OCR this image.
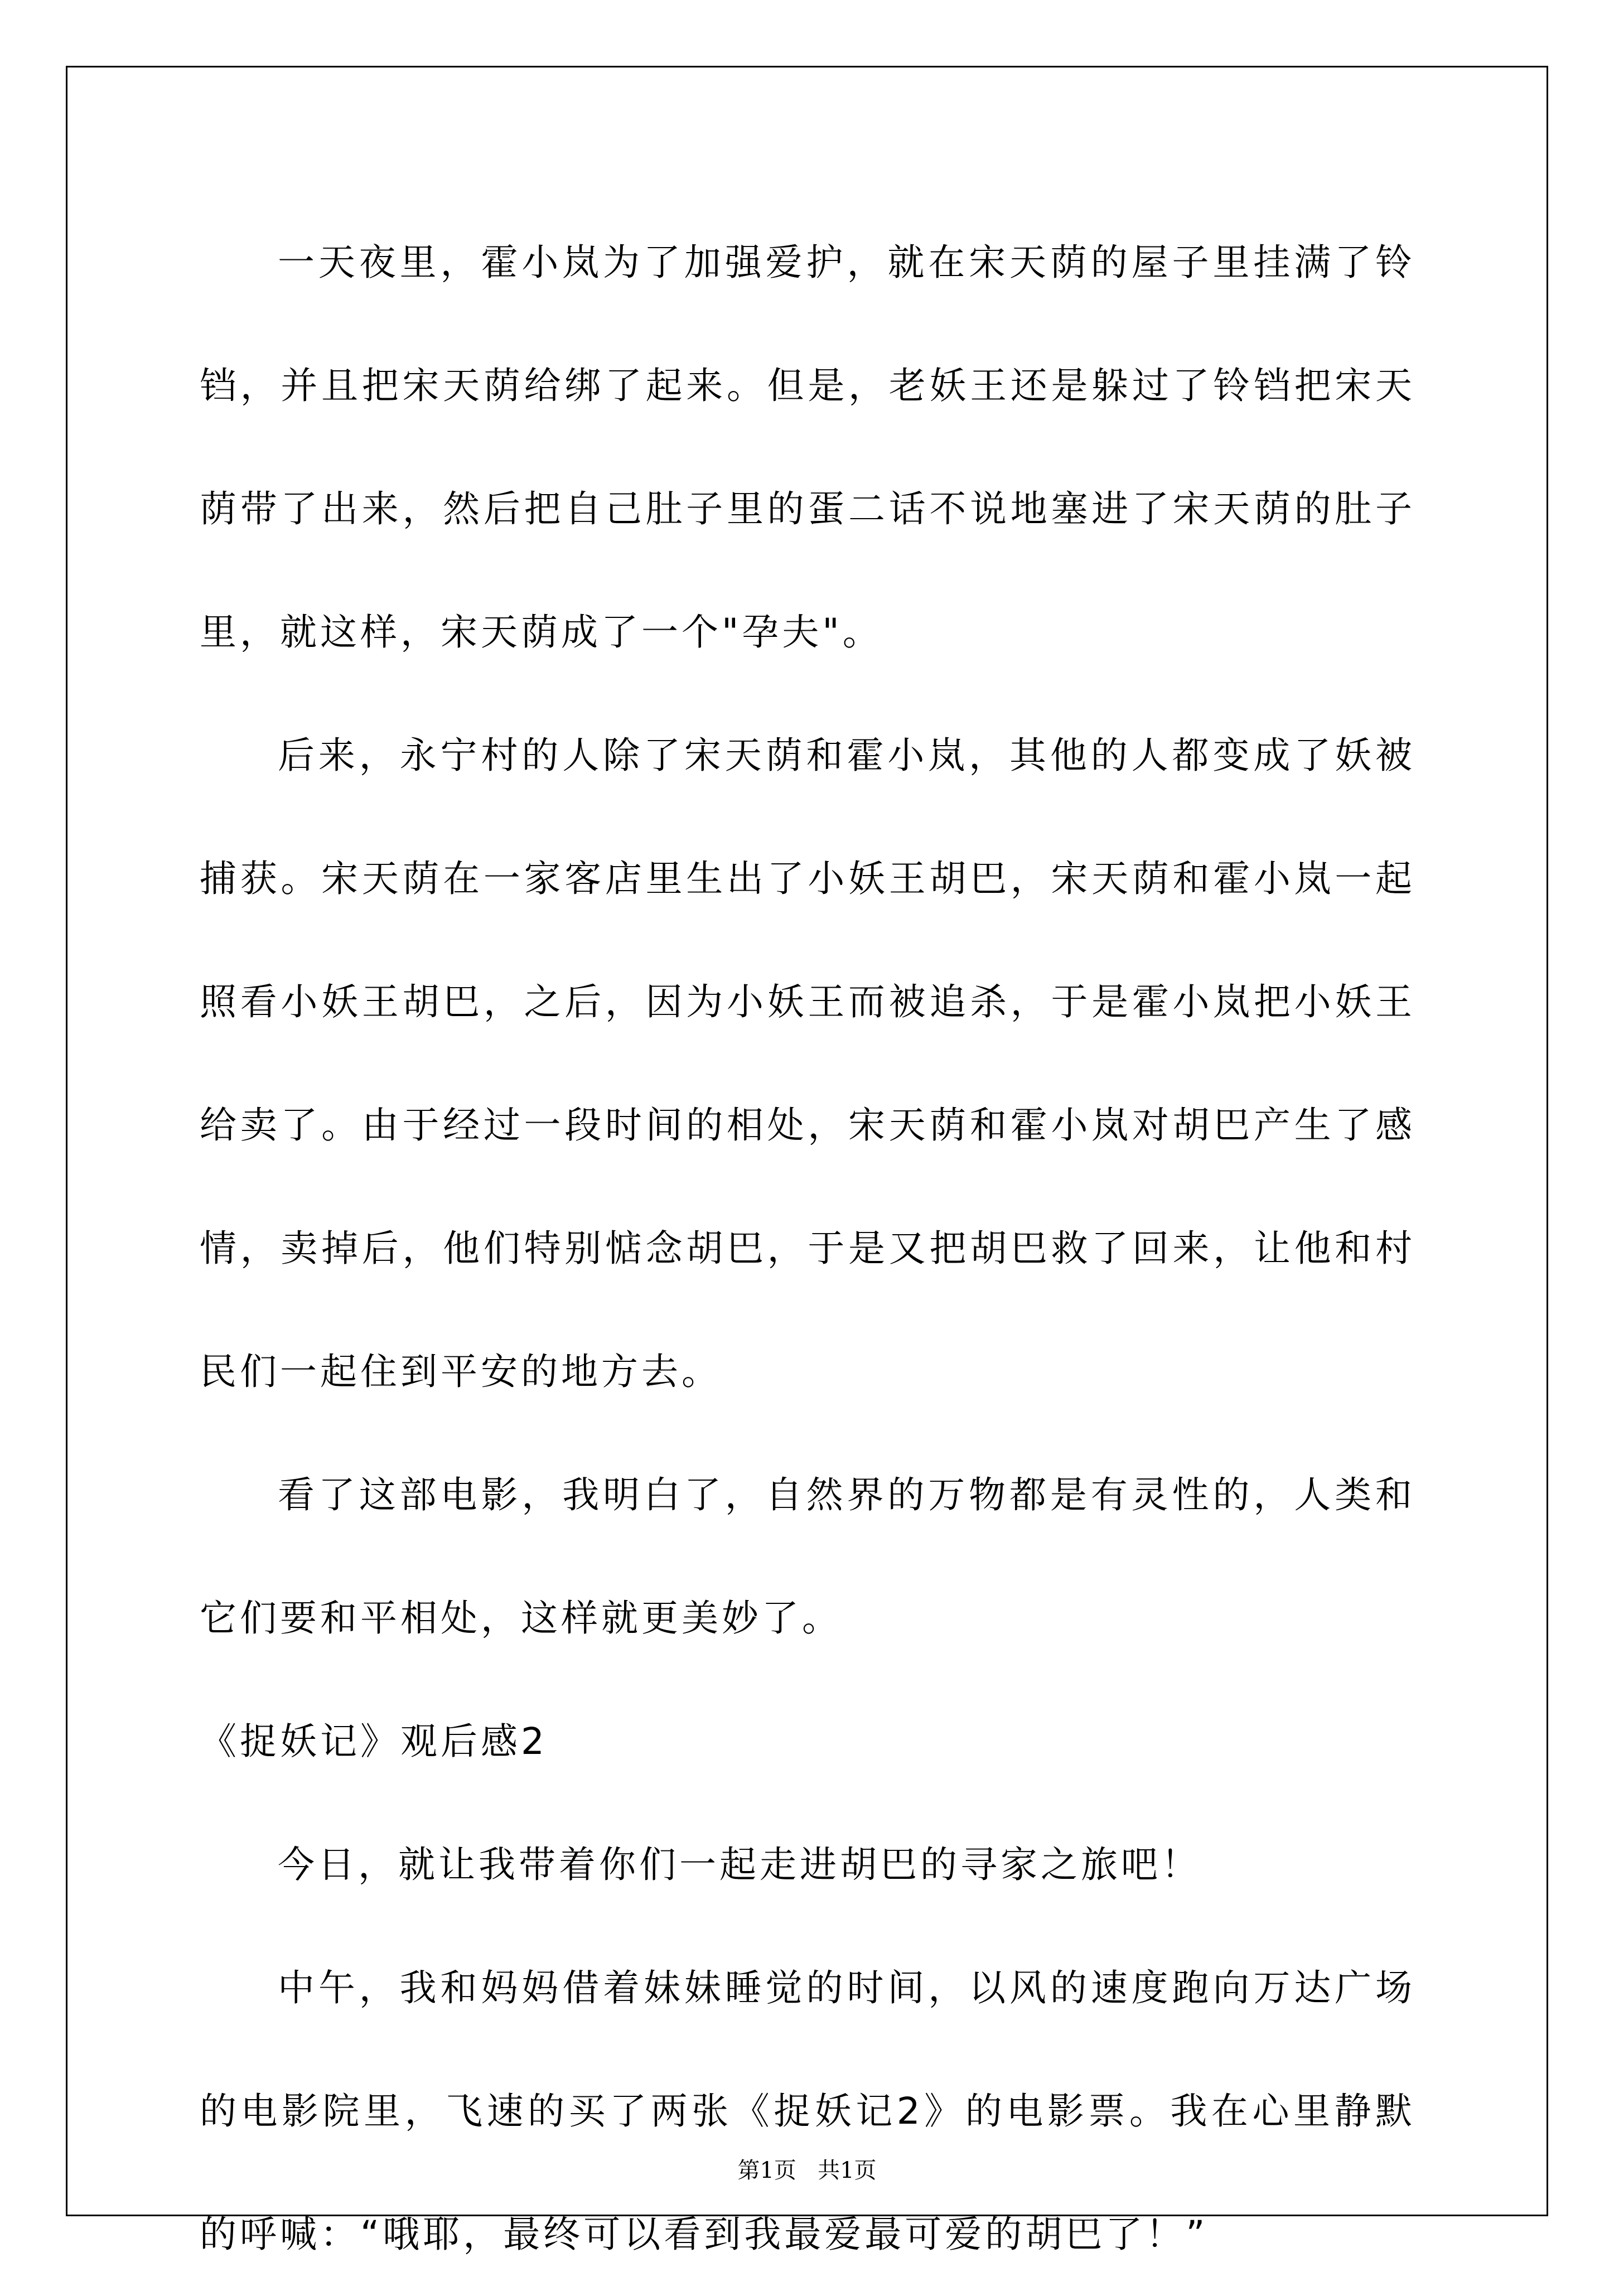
一天夜里，霍小岚为了加强爱护，就在宋天荫的屋子里挂满了铃铛，并且把宋天荫给绑了起来。但是，老妖王还是躲过了铃铛把宋天荫带了出来，然后把自己肚子里的蛋二话不说地塞进了宋天荫的肚子里，就这样，宋天荫成了一个"孕夫"。

后来，永宁村的人除了宋天荫和霍小岚，其他的人都变成了妖被捕获。宋天荫在一家客店里生出了小妖王胡巴，宋天荫和霍小岚一起照看小妖王胡巴，之后，因为小妖王而被追杀，于是霍小岚把小妖王给卖了。由于经过一段时间的相处，宋天荫和霍小岚对胡巴产生了感情，卖掉后，他们特别惦念胡巴，于是又把胡巴救了回来，让他和村民们一起住到平安的地方去。

看了这部电影，我明白了，自然界的万物都是有灵性的，人类和它们要和平相处，这样就更美妙了。

《捉妖记》观后感2

今日，就让我带着你们一起走进胡巴的寻家之旅吧！

中午，我和妈妈借着妹妹睡觉的时间，以风的速度跑向万达广场的电影院里，飞速的买了两张《捉妖记2》的电影票。我在心里静默的呼喊：“哦耶，最终可以看到我最爱最可爱的胡巴了！”

第1页 共1页
